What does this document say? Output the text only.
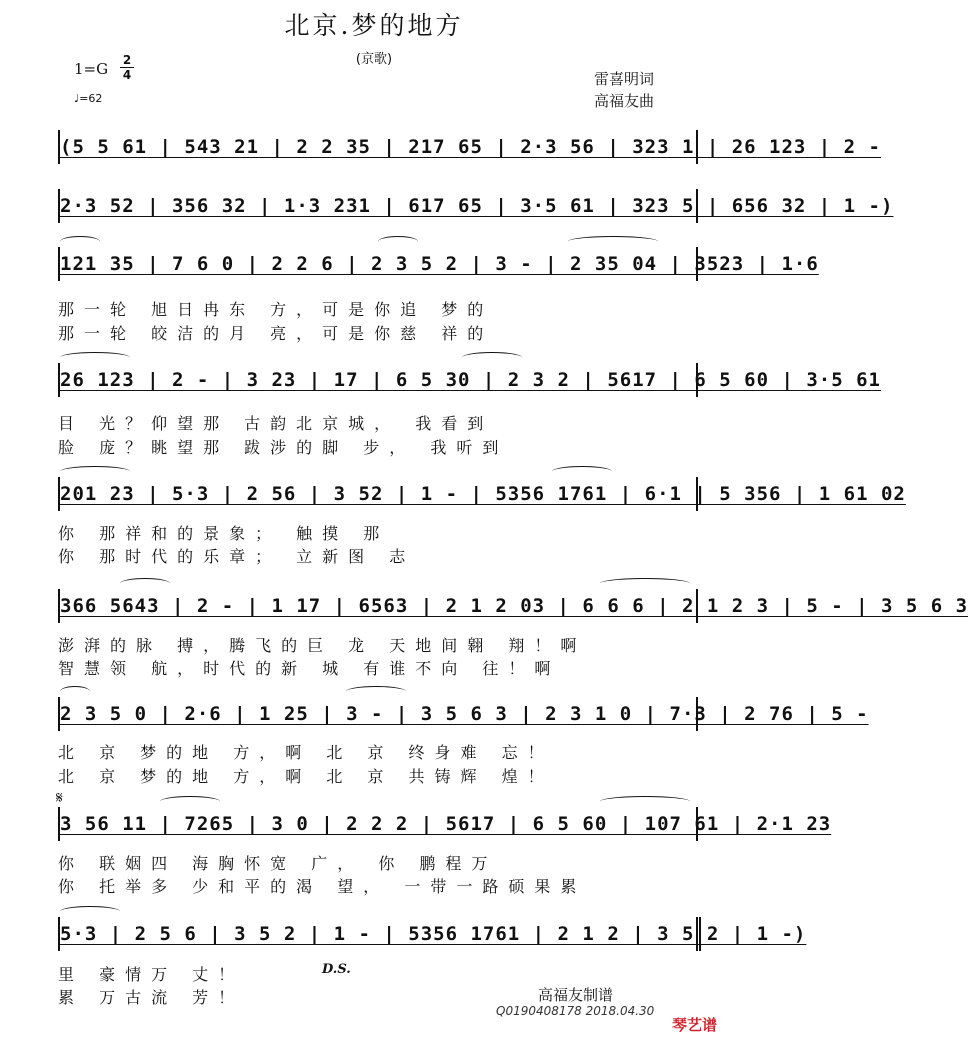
北京.梦的地方
(京歌)
1=G 2
4
♩=62
雷喜明词
高福友曲
(5 5 61 | 543 21 | 2 2 35 | 217 65 | 2·3 56 | 323 1 | 26 123 | 2 -
2·3 52 | 356 32 | 1·3 231 | 617 65 | 3·5 61 | 323 5 | 656 32 | 1 -)
121 35 | 7 6 0 | 2 2 6 | 2 3 5 2 | 3 - | 2 35 04 | 3523 | 1·6
那一轮 旭日冉东 方，可是你追 梦的
那一轮 皎洁的月 亮，可是你慈 祥的
26 123 | 2 - | 3 23 | 17 | 6 5 30 | 2 3 2 | 5617 | 6 5 60 | 3·5 61
目 光？仰望那 古韵北京城， 我看到
脸 庞？眺望那 跋涉的脚 步， 我听到
201 23 | 5·3 | 2 56 | 3 52 | 1 - | 5356 1761 | 6·1 | 5 356 | 1 61 02
你 那祥和的景象； 触摸 那
你 那时代的乐章； 立新图 志
366 5643 | 2 - | 1 17 | 6563 | 2 1 2 03 | 6 6 6 | 2 1 2 3 | 5 - | 3 5 6 3
澎湃的脉 搏，腾飞的巨 龙 天地间翱 翔！啊
智慧领 航，时代的新 城 有谁不向 往！啊
2 3 5 0 | 2·6 | 1 25 | 3 - | 3 5 6 3 | 2 3 1 0 | 7·3 | 2 76 | 5 -
北 京 梦的地 方，啊 北 京 终身难 忘！
北 京 梦的地 方，啊 北 京 共铸辉 煌！
𝄋
3 56 11 | 7265 | 3 0 | 2 2 2 | 5617 | 6 5 60 | 107 61 | 2·1 23
你 联姻四 海胸怀宽 广， 你 鹏程万
你 托举多 少和平的渴 望， 一带一路硕果累
5·3 | 2 5 6 | 3 5 2 | 1 - | 5356 1761 | 2 1 2 | 3 5 2 | 1 -)
里 豪情万 丈！
累 万古流 芳！
D.S.
高福友制谱
Q0190408178 2018.04.30
琴艺谱
